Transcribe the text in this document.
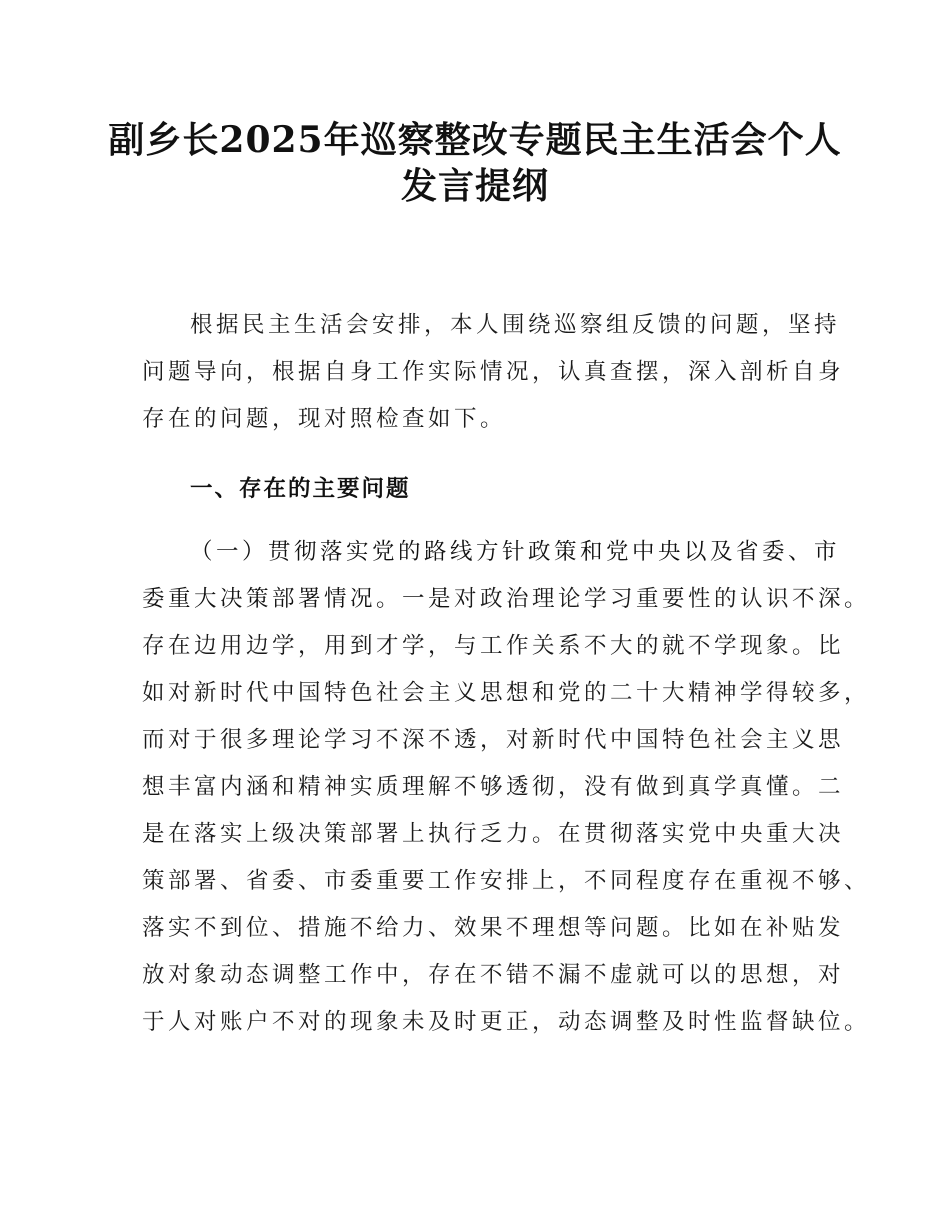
副乡长2025年巡察整改专题民主生活会个人
发言提纲

根据民主生活会安排，本人围绕巡察组反馈的问题，坚持
问题导向，根据自身工作实际情况，认真查摆，深入剖析自身
存在的问题，现对照检查如下。

一、存在的主要问题

（一）贯彻落实党的路线方针政策和党中央以及省委、市
委重大决策部署情况。一是对政治理论学习重要性的认识不深。
存在边用边学，用到才学，与工作关系不大的就不学现象。比
如对新时代中国特色社会主义思想和党的二十大精神学得较多，
而对于很多理论学习不深不透，对新时代中国特色社会主义思
想丰富内涵和精神实质理解不够透彻，没有做到真学真懂。二
是在落实上级决策部署上执行乏力。在贯彻落实党中央重大决
策部署、省委、市委重要工作安排上，不同程度存在重视不够、
落实不到位、措施不给力、效果不理想等问题。比如在补贴发
放对象动态调整工作中，存在不错不漏不虚就可以的思想，对
于人对账户不对的现象未及时更正，动态调整及时性监督缺位。
